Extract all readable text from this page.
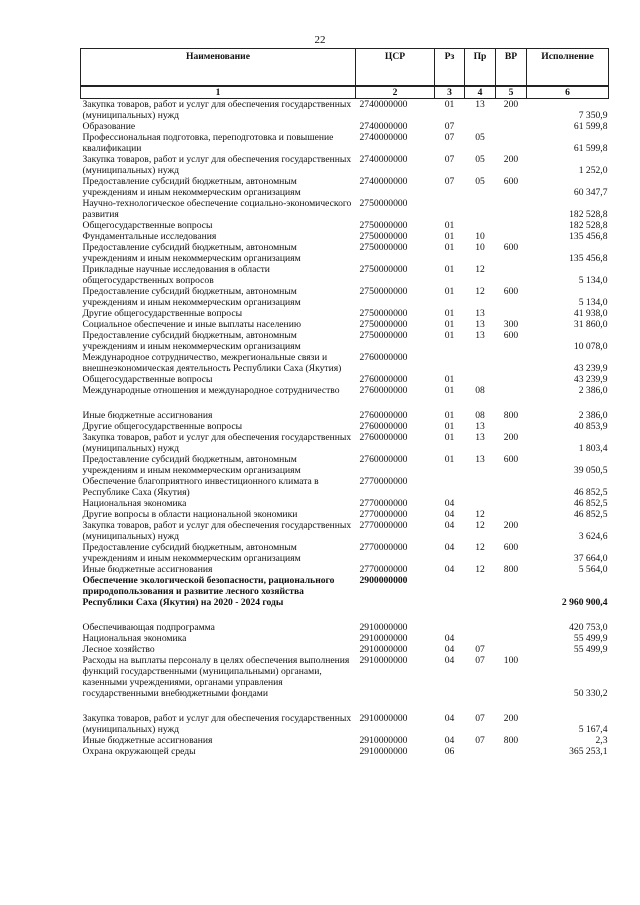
22
Наименование	ЦСР	Рз	Пр	ВР	Исполнение
1	2	3	4	5	6
Закупка товаров, работ и услуг для обеспечения государственных (муниципальных) нужд	2740000000	01	13	200	7 350,9
Образование	2740000000	07			61 599,8
Профессиональная подготовка, переподготовка и повышение квалификации	2740000000	07	05		61 599,8
Закупка товаров, работ и услуг для обеспечения государственных (муниципальных) нужд	2740000000	07	05	200	1 252,0
Предоставление субсидий бюджетным, автономным учреждениям и иным некоммерческим организациям	2740000000	07	05	600	60 347,7
Научно-технологическое обеспечение социально-экономического развития	2750000000				182 528,8
Общегосударственные вопросы	2750000000	01			182 528,8
Фундаментальные исследования	2750000000	01	10		135 456,8
Предоставление субсидий бюджетным, автономным учреждениям и иным некоммерческим организациям	2750000000	01	10	600	135 456,8
Прикладные научные исследования в области общегосударственных вопросов	2750000000	01	12		5 134,0
Предоставление субсидий бюджетным, автономным учреждениям и иным некоммерческим организациям	2750000000	01	12	600	5 134,0
Другие общегосударственные вопросы	2750000000	01	13		41 938,0
Социальное обеспечение и иные выплаты населению	2750000000	01	13	300	31 860,0
Предоставление субсидий бюджетным, автономным учреждениям и иным некоммерческим организациям	2750000000	01	13	600	10 078,0
Международное сотрудничество, межрегиональные связи и внешнеэкономическая деятельность Республики Саха (Якутия)	2760000000				43 239,9
Общегосударственные вопросы	2760000000	01			43 239,9
Международные отношения и международное сотрудничество	2760000000	01	08		2 386,0

Иные бюджетные ассигнования	2760000000	01	08	800	2 386,0
Другие общегосударственные вопросы	2760000000	01	13		40 853,9
Закупка товаров, работ и услуг для обеспечения государственных (муниципальных) нужд	2760000000	01	13	200	1 803,4
Предоставление субсидий бюджетным, автономным учреждениям и иным некоммерческим организациям	2760000000	01	13	600	39 050,5
Обеспечение благоприятного инвестиционного климата в Республике Саха (Якутия)	2770000000				46 852,5
Национальная экономика	2770000000	04			46 852,5
Другие вопросы в области национальной экономики	2770000000	04	12		46 852,5
Закупка товаров, работ и услуг для обеспечения государственных (муниципальных) нужд	2770000000	04	12	200	3 624,6
Предоставление субсидий бюджетным, автономным учреждениям и иным некоммерческим организациям	2770000000	04	12	600	37 664,0
Иные бюджетные ассигнования	2770000000	04	12	800	5 564,0
Обеспечение экологической безопасности, рационального природопользования и развитие лесного хозяйства Республики Саха (Якутия) на 2020 - 2024 годы	2900000000				2 960 900,4

Обеспечивающая подпрограмма	2910000000				420 753,0
Национальная экономика	2910000000	04			55 499,9
Лесное хозяйство	2910000000	04	07		55 499,9
Расходы на выплаты персоналу в целях обеспечения выполнения функций государственными (муниципальными) органами, казенными учреждениями, органами управления государственными внебюджетными фондами	2910000000	04	07	100	50 330,2

Закупка товаров, работ и услуг для обеспечения государственных (муниципальных) нужд	2910000000	04	07	200	5 167,4
Иные бюджетные ассигнования	2910000000	04	07	800	2,3
Охрана окружающей среды	2910000000	06			365 253,1
